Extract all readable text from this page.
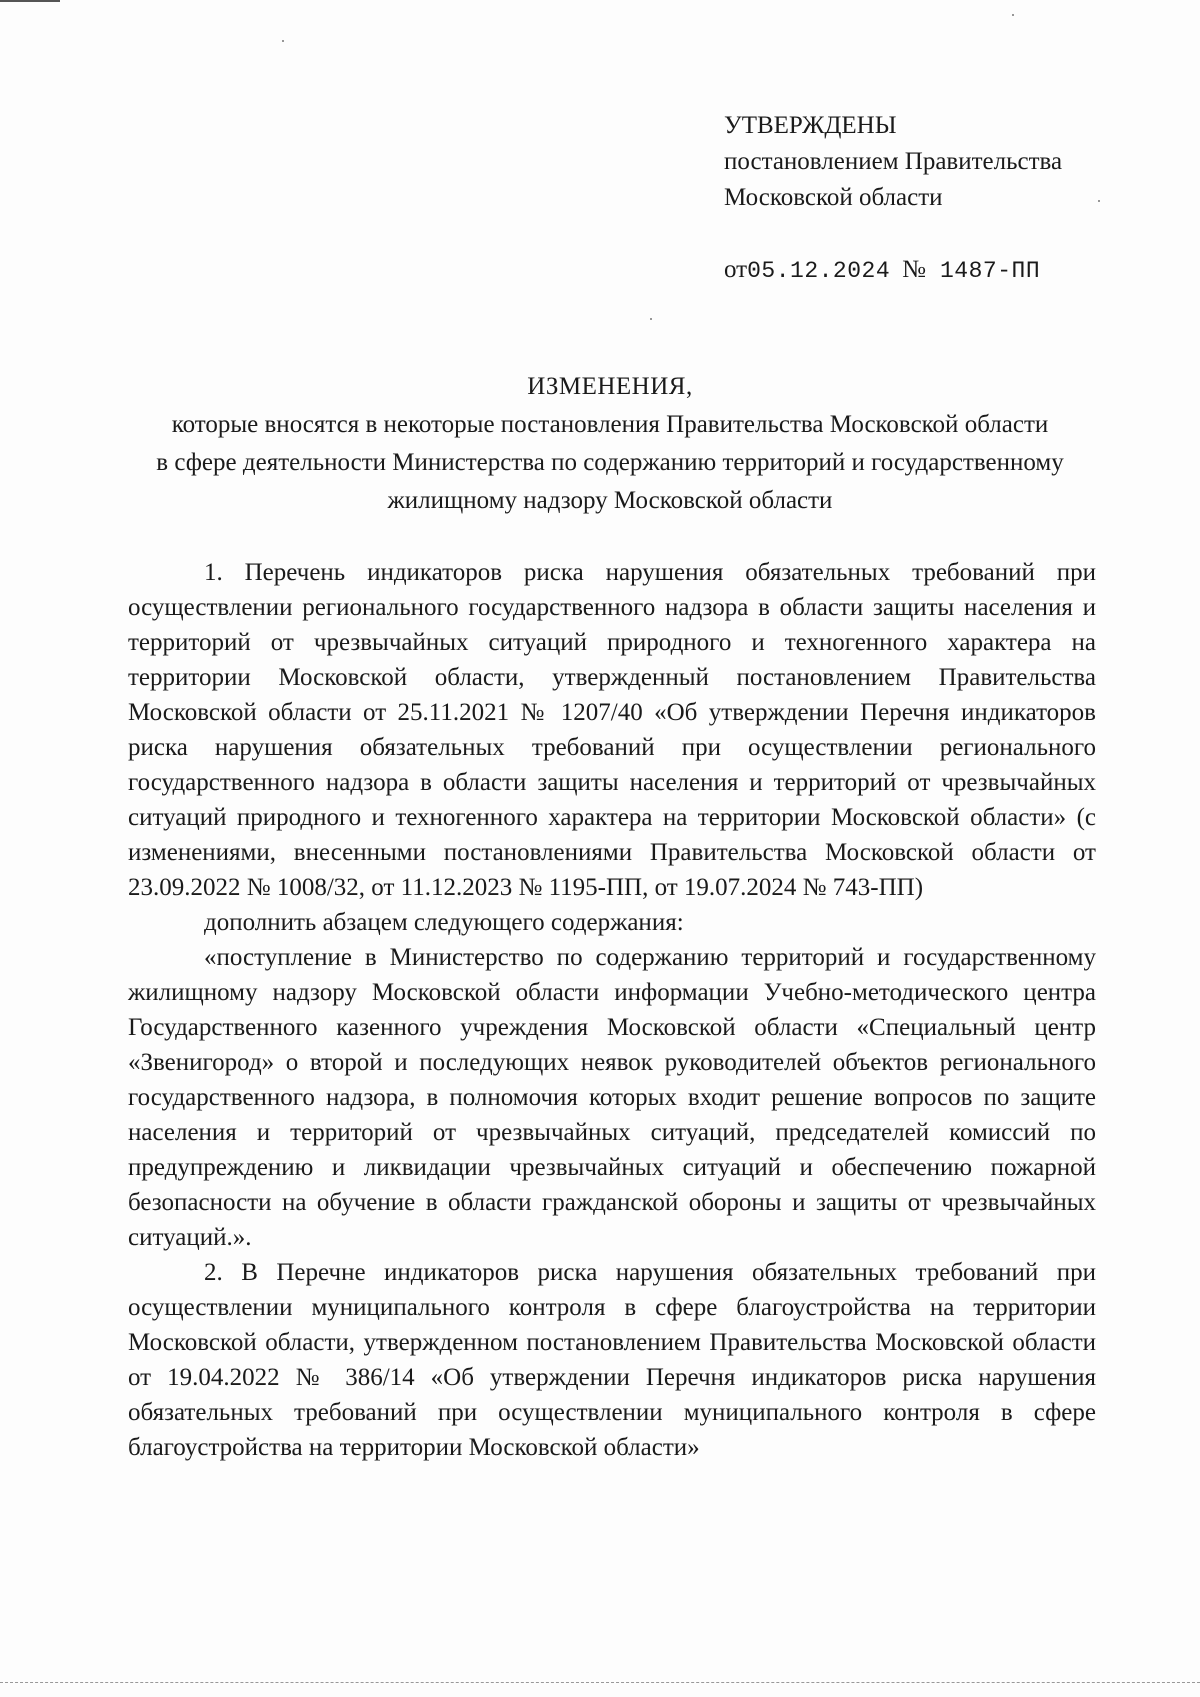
УТВЕРЖДЕНЫ
постановлением Правительства
Московской области
от05.12.2024 № 1487-ПП
ИЗМЕНЕНИЯ,
которые вносятся в некоторые постановления Правительства Московской области
в сфере деятельности Министерства по содержанию территорий и государственному
жилищному надзору Московской области

1. Перечень индикаторов риска нарушения обязательных требований при осуществлении регионального государственного надзора в области защиты населения и территорий от чрезвычайных ситуаций природного и техногенного характера на территории Московской области, утвержденный постановлением Правительства Московской области от 25.11.2021 № 1207/40 «Об утверждении Перечня индикаторов риска нарушения обязательных требований при осуществлении регионального государственного надзора в области защиты населения и территорий от чрезвычайных ситуаций природного и техногенного характера на территории Московской области» (с изменениями, внесенными постановлениями Правительства Московской области от 23.09.2022 № 1008/32, от 11.12.2023 № 1195-ПП, от 19.07.2024 № 743-ПП)

дополнить абзацем следующего содержания:

«поступление в Министерство по содержанию территорий и государственному жилищному надзору Московской области информации Учебно-методического центра Государственного казенного учреждения Московской области «Специальный центр «Звенигород» о второй и последующих неявок руководителей объектов регионального государственного надзора, в полномочия которых входит решение вопросов по защите населения и территорий от чрезвычайных ситуаций, председателей комиссий по предупреждению и ликвидации чрезвычайных ситуаций и обеспечению пожарной безопасности на обучение в области гражданской обороны и защиты от чрезвычайных ситуаций.».

2. В Перечне индикаторов риска нарушения обязательных требований при осуществлении муниципального контроля в сфере благоустройства на территории Московской области, утвержденном постановлением Правительства Московской области от 19.04.2022 № 386/14 «Об утверждении Перечня индикаторов риска нарушения обязательных требований при осуществлении муниципального контроля в сфере благоустройства на территории Московской области»
